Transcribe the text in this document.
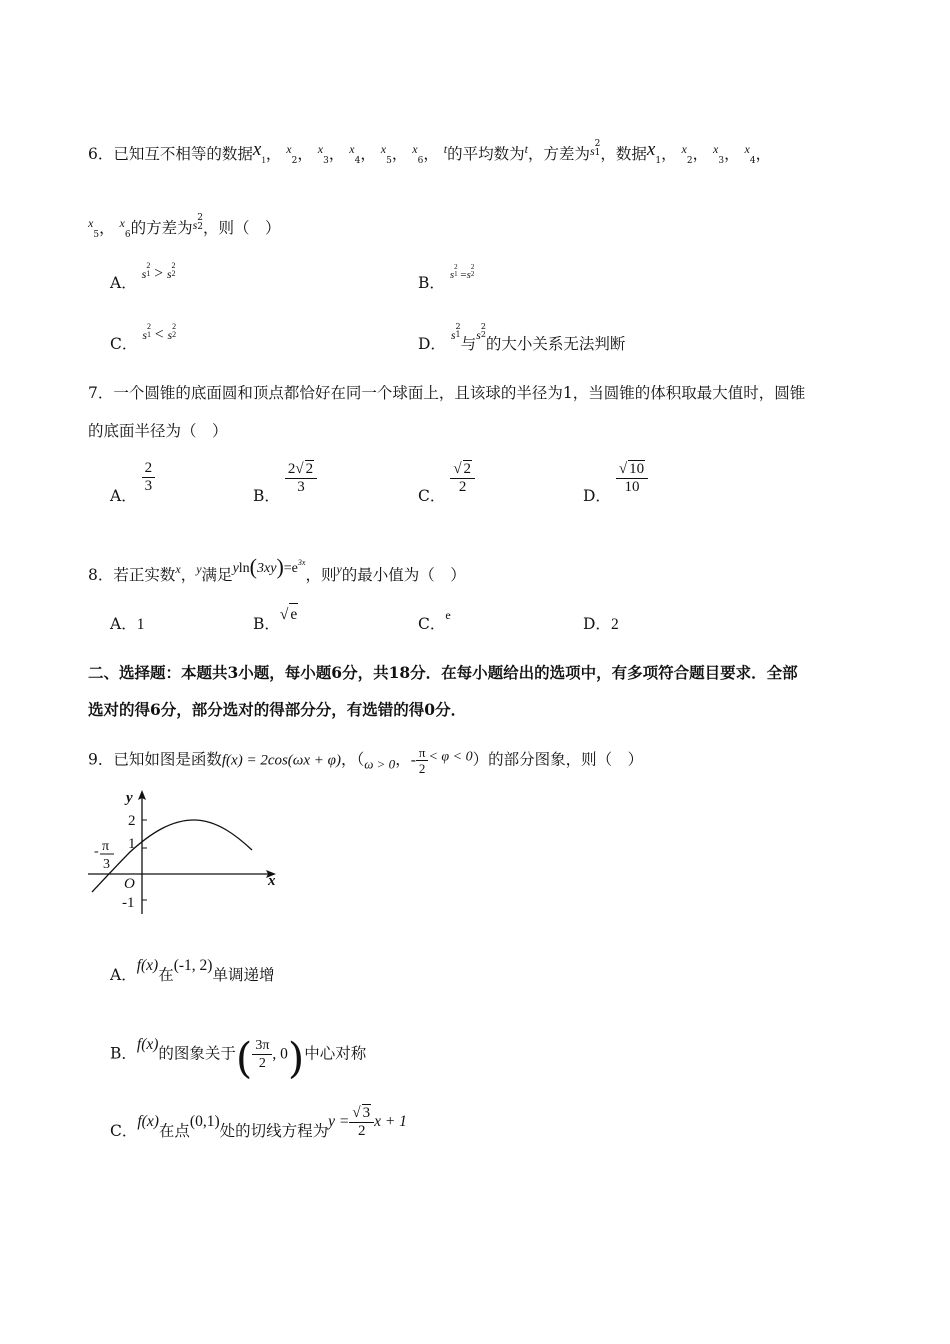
6．已知互不相等的数据$x_1$， $^x_2$， $^x_3$， $^x_4$， $^x_5$， $^x_6$， $^t$的平均数为$^t$，方差为$^s$ 2
1 ，数据$x_1$， $^x_2$， $^x_3$， $^x_4$，
$^x_5$， $^x_6$的方差为$^s$ 2
2 ，则（　）
A． s
2
1 > s
2
2
B． $^{s 2 1 =s 2 2}$
C． s
2
1 < s
2
2
D． $^s$
2
1
与$^s$
2
2
的大小关系无法判断
7．一个圆锥的底面圆和顶点都恰好在同一个球面上，且该球的半径为1，当圆锥的体积取最大值时，圆锥
的底面半径为（　）
A．
$\frac{2}{3}$
B． $\frac{2√ 2}{3}$	C． $\frac{√ 2}{2}$	D． $\frac{√ 10}{10}$
8．若正实数$^x$，$^y$满足$yln(3xy)=e^{3x}$，则$^y$的最小值为（　）
A．1	B．√ e
C．$^e$	D．2
二、选择题：本题共3小题，每小题6分，共18分．在每小题给出的选项中，有多项符合题目要求．全部
选对的得6分，部分选对的得部分分，有选错的得0分．
9．已知如图是函数f(x) = 2cos(ωx + φ)，（$_{\omega > 0}$，- $\frac{\pi}{2} < \varphi < 0$）的部分图象，则（　）
y
x
2
1
O
-1
- π
3
A．f(x)在(-1, 2)单调递增
B．f(x)的图象关于( $\frac{3\pi}{2}$ , 0)中心对称
C．f(x)在点(0,1)处的切线方程为$y = \frac{√ 3}{2}$ x + 1
